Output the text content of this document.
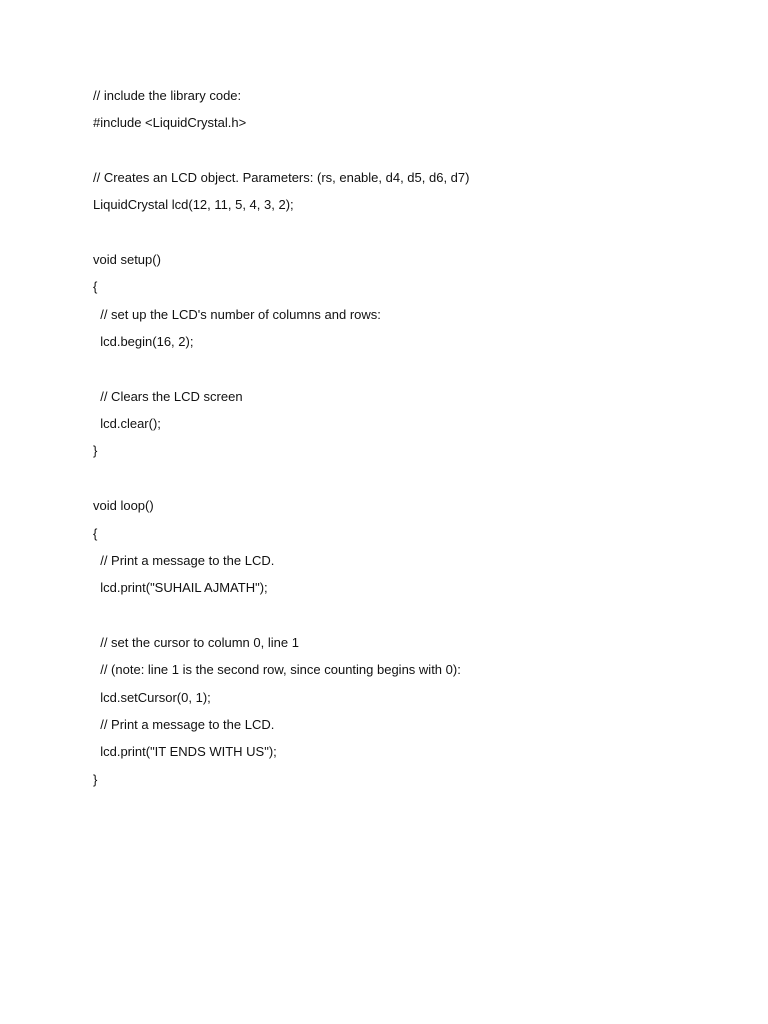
// include the library code:
#include <LiquidCrystal.h>
// Creates an LCD object. Parameters: (rs, enable, d4, d5, d6, d7)
LiquidCrystal lcd(12, 11, 5, 4, 3, 2);
void setup()
{
// set up the LCD's number of columns and rows:
lcd.begin(16, 2);
// Clears the LCD screen
lcd.clear();
}
void loop()
{
// Print a message to the LCD.
lcd.print("SUHAIL AJMATH");
// set the cursor to column 0, line 1
// (note: line 1 is the second row, since counting begins with 0):
lcd.setCursor(0, 1);
// Print a message to the LCD.
lcd.print("IT ENDS WITH US");
}
